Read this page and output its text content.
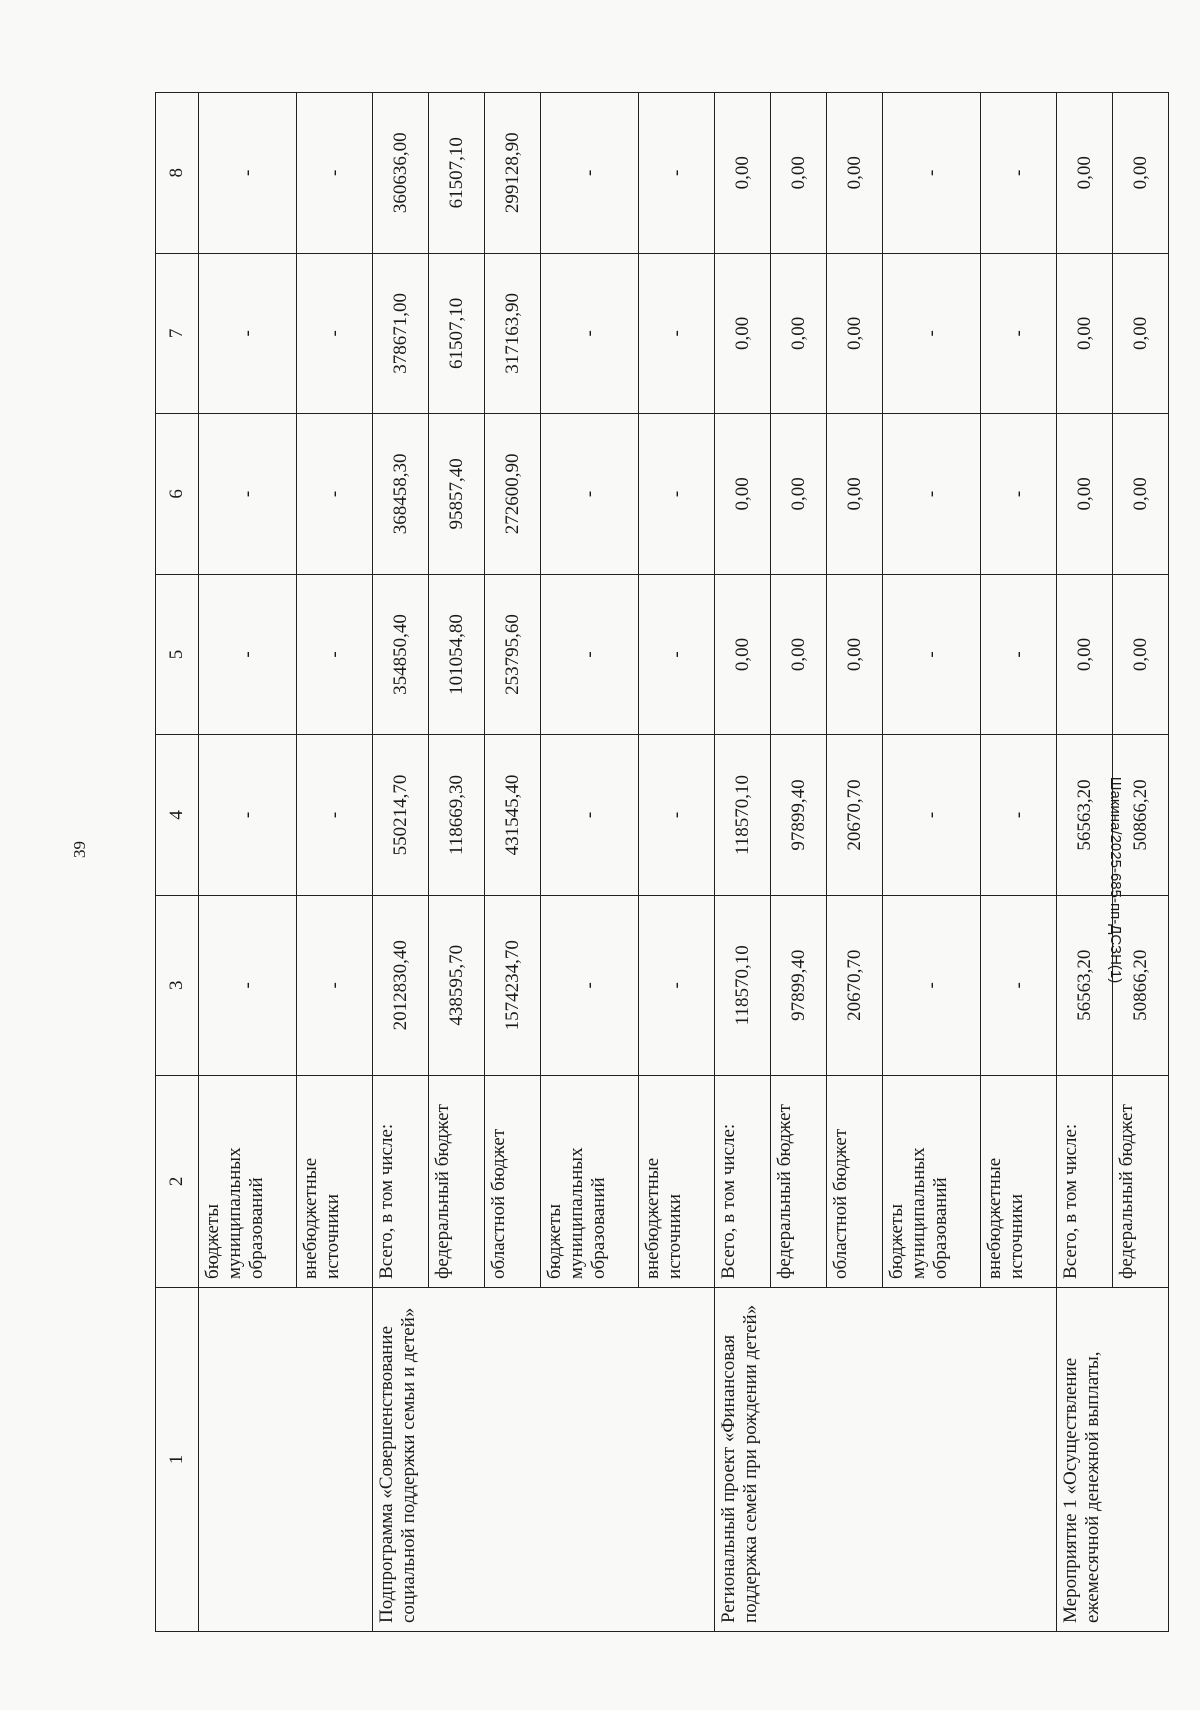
39
1	2	3	4	5	6	7	8
	бюджеты муниципальных образований	-	-	-	-	-	-
	внебюджетные источники	-	-	-	-	-	-
Подпрограмма «Совершенствование социальной поддержки семьи и детей»	Всего, в том числе:	2012830,40	550214,70	354850,40	368458,30	378671,00	360636,00
	федеральный бюджет	438595,70	118669,30	101054,80	95857,40	61507,10	61507,10
	областной бюджет	1574234,70	431545,40	253795,60	272600,90	317163,90	299128,90
	бюджеты муниципальных образований	-	-	-	-	-	-
	внебюджетные источники	-	-	-	-	-	-
Региональный проект «Финансовая поддержка семей при рождении детей»	Всего, в том числе:	118570,10	118570,10	0,00	0,00	0,00	0,00
	федеральный бюджет	97899,40	97899,40	0,00	0,00	0,00	0,00
	областной бюджет	20670,70	20670,70	0,00	0,00	0,00	0,00
	бюджеты муниципальных образований	-	-	-	-	-	-
	внебюджетные источники	-	-	-	-	-	-
Мероприятие 1 «Осуществление ежемесячной денежной выплаты,	Всего, в том числе:	56563,20	56563,20	0,00	0,00	0,00	0,00
	федеральный бюджет	50866,20	50866,20	0,00	0,00	0,00	0,00
Шакина/2025-685-пп-ДСЗН(1)
